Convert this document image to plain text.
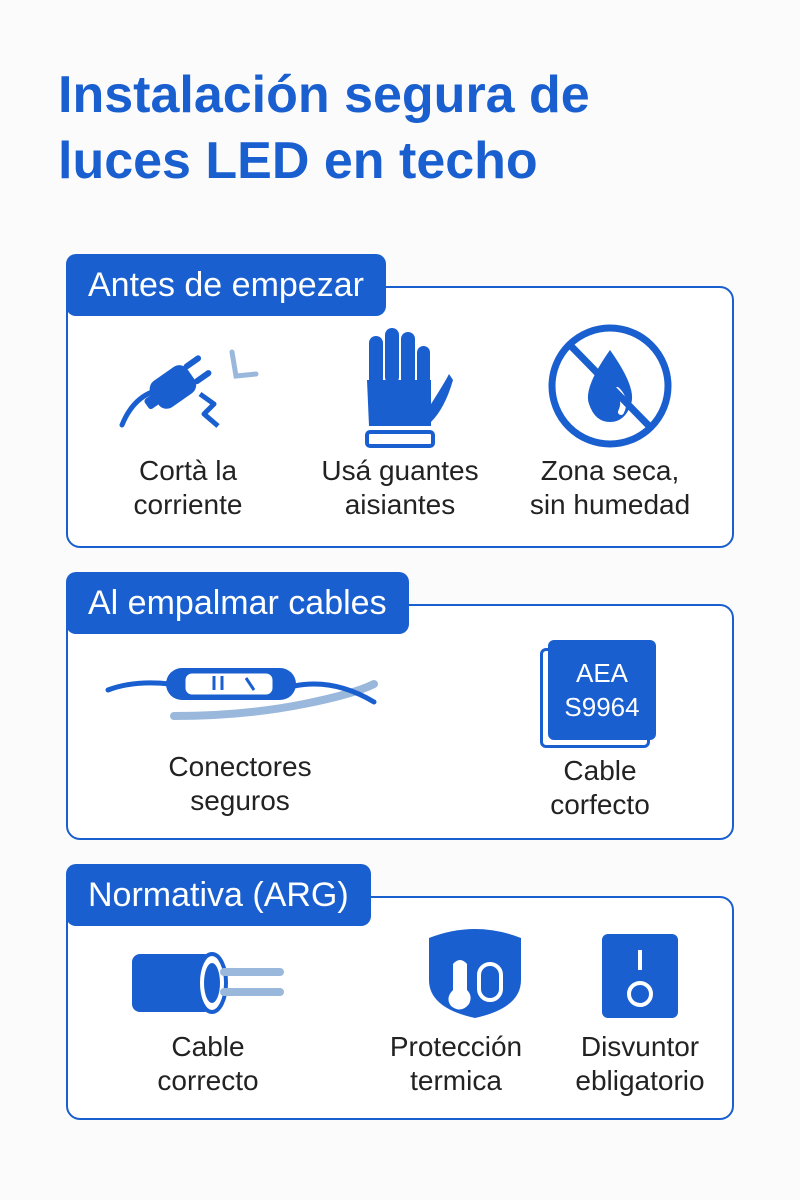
Instalación segura de
luces LED en techo
Antes de empezar
Cortà la
corriente
Usá guantes
aisiantes
Zona seca,
sin humedad
Al empalmar cables
Conectores
seguros
AEA
S9964
Cable
corfecto
Normativa (ARG)
Cable
correcto
Protección
termica
Disvuntor
ebligatorio
